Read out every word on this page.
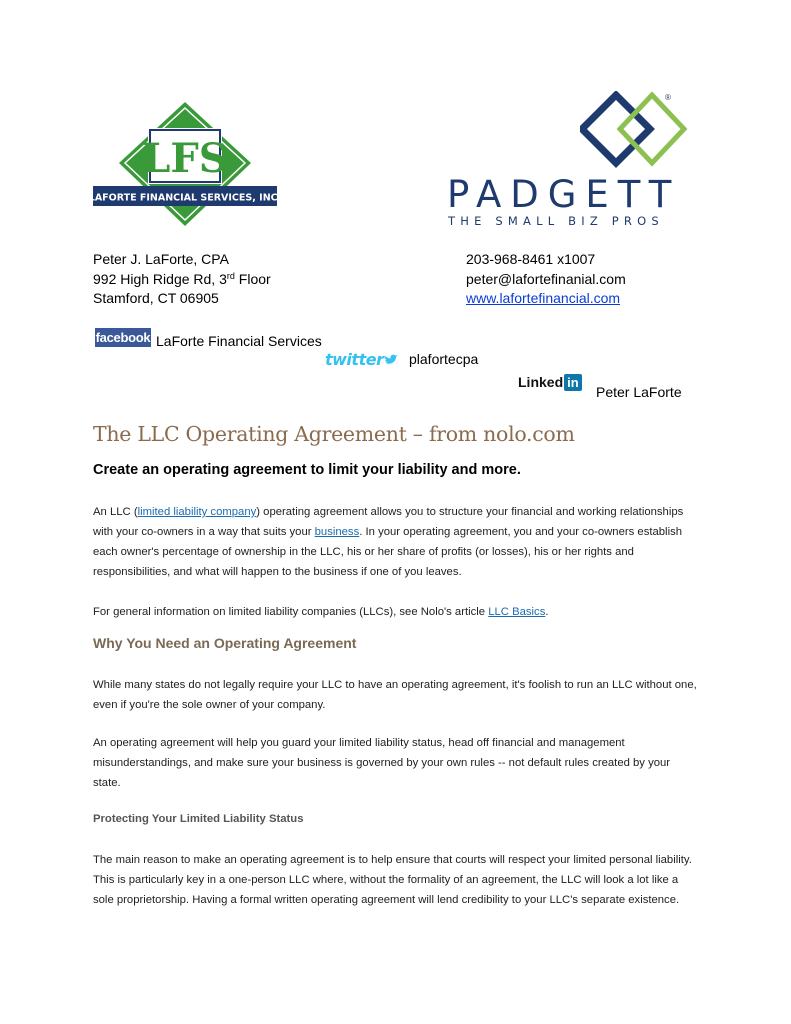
LFS
LAFORTE FINANCIAL SERVICES, INC.
®
PADGETT
THE SMALL BIZ PROS
Peter J. LaForte, CPA
992 High Ridge Rd, 3rd Floor
Stamford, CT 06905
203-968-8461 x1007
peter@lafortefinanial.com
www.lafortefinancial.com
facebook LaForte Financial Services
twitter	plafortecpa
Linked in
Peter LaForte
The LLC Operating Agreement – from nolo.com
Create an operating agreement to limit your liability and more.

An LLC (limited liability company) operating agreement allows you to structure your financial and working relationships with your co-owners in a way that suits your business. In your operating agreement, you and your co-owners establish each owner's percentage of ownership in the LLC, his or her share of profits (or losses), his or her rights and responsibilities, and what will happen to the business if one of you leaves.

For general information on limited liability companies (LLCs), see Nolo's article LLC Basics.

Why You Need an Operating Agreement

While many states do not legally require your LLC to have an operating agreement, it's foolish to run an LLC without one, even if you're the sole owner of your company.

An operating agreement will help you guard your limited liability status, head off financial and management misunderstandings, and make sure your business is governed by your own rules -- not default rules created by your state.

Protecting Your Limited Liability Status

The main reason to make an operating agreement is to help ensure that courts will respect your limited personal liability. This is particularly key in a one-person LLC where, without the formality of an agreement, the LLC will look a lot like a sole proprietorship. Having a formal written operating agreement will lend credibility to your LLC's separate existence.
